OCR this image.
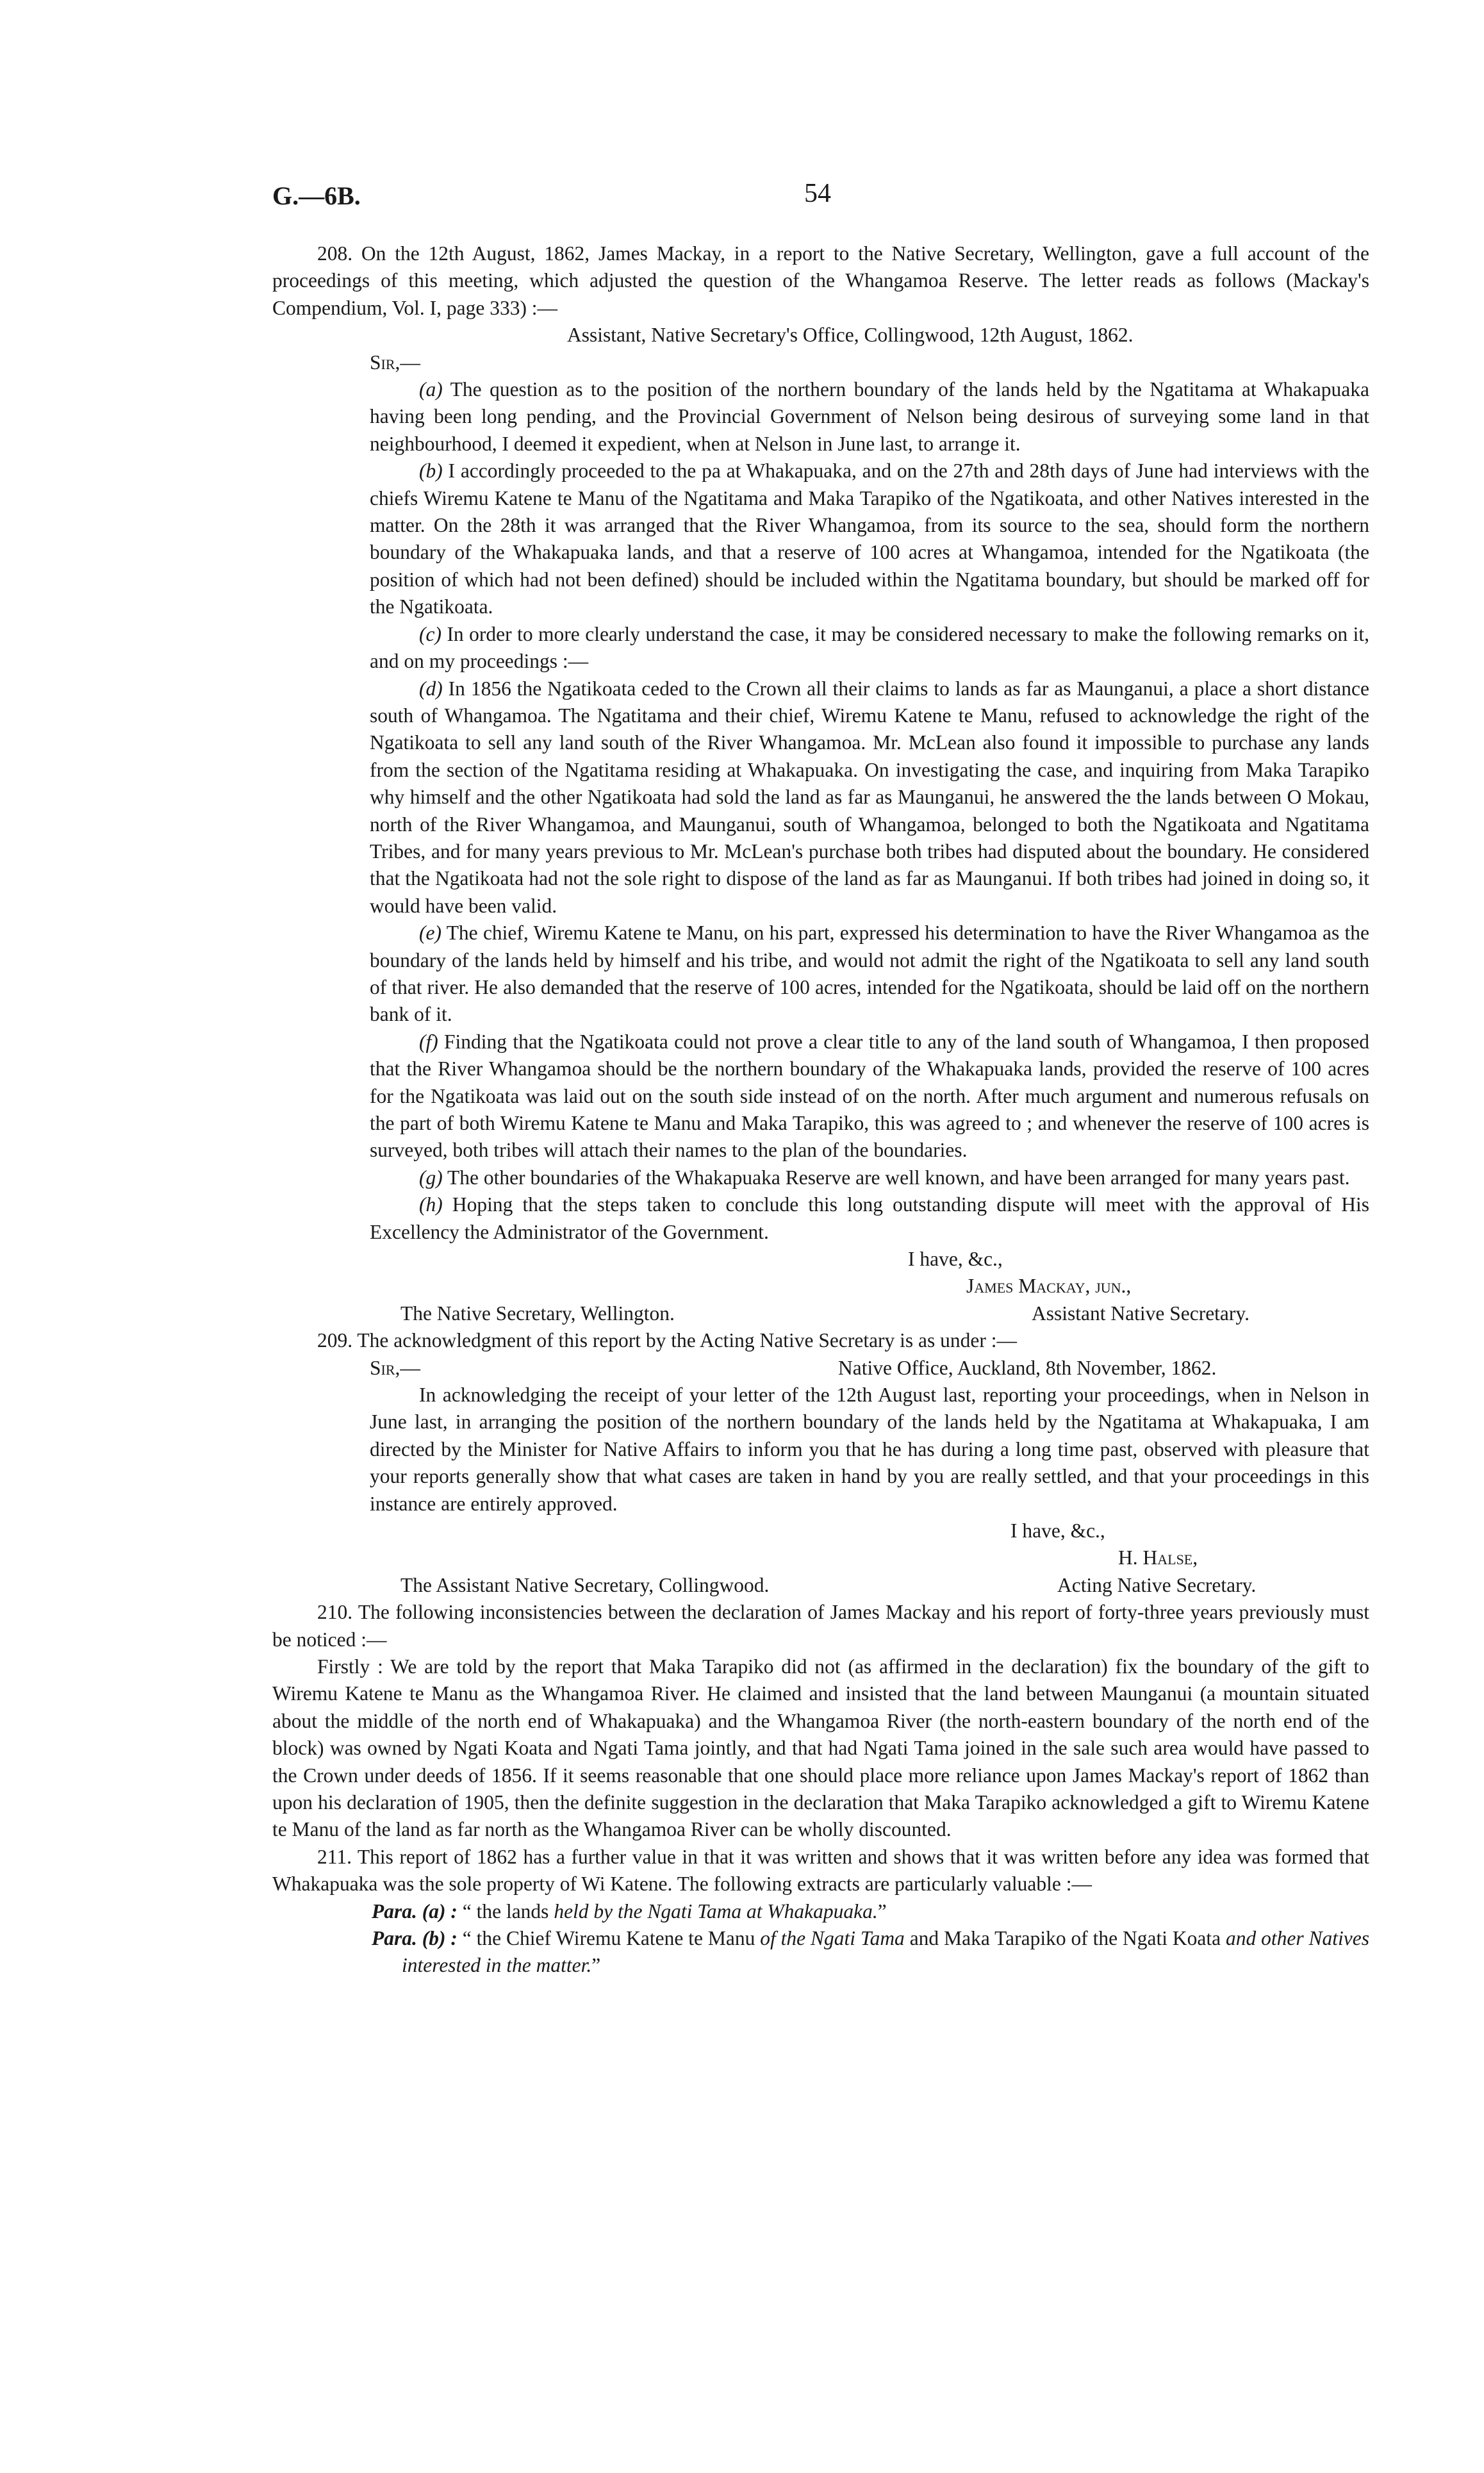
G.—6B.	54

208. On the 12th August, 1862, James Mackay, in a report to the Native Secretary, Wellington, gave a full account of the proceedings of this meeting, which adjusted the question of the Whangamoa Reserve. The letter reads as follows (Mackay's Compendium, Vol. I, page 333) :—

Assistant, Native Secretary's Office, Collingwood, 12th August, 1862.

Sir,—

(a) The question as to the position of the northern boundary of the lands held by the Ngatitama at Whakapuaka having been long pending, and the Provincial Government of Nelson being desirous of surveying some land in that neighbourhood, I deemed it expedient, when at Nelson in June last, to arrange it.

(b) I accordingly proceeded to the pa at Whakapuaka, and on the 27th and 28th days of June had interviews with the chiefs Wiremu Katene te Manu of the Ngatitama and Maka Tarapiko of the Ngatikoata, and other Natives interested in the matter. On the 28th it was arranged that the River Whangamoa, from its source to the sea, should form the northern boundary of the Whakapuaka lands, and that a reserve of 100 acres at Whangamoa, intended for the Ngatikoata (the position of which had not been defined) should be included within the Ngatitama boundary, but should be marked off for the Ngatikoata.

(c) In order to more clearly understand the case, it may be considered necessary to make the following remarks on it, and on my proceedings :—

(d) In 1856 the Ngatikoata ceded to the Crown all their claims to lands as far as Maunganui, a place a short distance south of Whangamoa. The Ngatitama and their chief, Wiremu Katene te Manu, refused to acknowledge the right of the Ngatikoata to sell any land south of the River Whangamoa. Mr. McLean also found it impossible to purchase any lands from the section of the Ngatitama residing at Whakapuaka. On investigating the case, and inquiring from Maka Tarapiko why himself and the other Ngatikoata had sold the land as far as Maunganui, he answered the the lands between O Mokau, north of the River Whangamoa, and Maunganui, south of Whangamoa, belonged to both the Ngatikoata and Ngatitama Tribes, and for many years previous to Mr. McLean's purchase both tribes had disputed about the boundary. He considered that the Ngatikoata had not the sole right to dispose of the land as far as Maunganui. If both tribes had joined in doing so, it would have been valid.

(e) The chief, Wiremu Katene te Manu, on his part, expressed his determination to have the River Whangamoa as the boundary of the lands held by himself and his tribe, and would not admit the right of the Ngatikoata to sell any land south of that river. He also demanded that the reserve of 100 acres, intended for the Ngatikoata, should be laid off on the northern bank of it.

(f) Finding that the Ngatikoata could not prove a clear title to any of the land south of Whangamoa, I then proposed that the River Whangamoa should be the northern boundary of the Whakapuaka lands, provided the reserve of 100 acres for the Ngatikoata was laid out on the south side instead of on the north. After much argument and numerous refusals on the part of both Wiremu Katene te Manu and Maka Tarapiko, this was agreed to ; and whenever the reserve of 100 acres is surveyed, both tribes will attach their names to the plan of the boundaries.

(g) The other boundaries of the Whakapuaka Reserve are well known, and have been arranged for many years past.

(h) Hoping that the steps taken to conclude this long outstanding dispute will meet with the approval of His Excellency the Administrator of the Government.

I have, &c.,
James Mackay, jun.,
The Native Secretary, Wellington.	Assistant Native Secretary.

209. The acknowledgment of this report by the Acting Native Secretary is as under :—

Sir,—	Native Office, Auckland, 8th November, 1862.

In acknowledging the receipt of your letter of the 12th August last, reporting your proceedings, when in Nelson in June last, in arranging the position of the northern boundary of the lands held by the Ngatitama at Whakapuaka, I am directed by the Minister for Native Affairs to inform you that he has during a long time past, observed with pleasure that your reports generally show that what cases are taken in hand by you are really settled, and that your proceedings in this instance are entirely approved.

I have, &c.,
H. Halse,
The Assistant Native Secretary, Collingwood.	Acting Native Secretary.

210. The following inconsistencies between the declaration of James Mackay and his report of forty-three years previously must be noticed :—

Firstly : We are told by the report that Maka Tarapiko did not (as affirmed in the declaration) fix the boundary of the gift to Wiremu Katene te Manu as the Whangamoa River. He claimed and insisted that the land between Maunganui (a mountain situated about the middle of the north end of Whakapuaka) and the Whangamoa River (the north-eastern boundary of the north end of the block) was owned by Ngati Koata and Ngati Tama jointly, and that had Ngati Tama joined in the sale such area would have passed to the Crown under deeds of 1856. If it seems reasonable that one should place more reliance upon James Mackay's report of 1862 than upon his declaration of 1905, then the definite suggestion in the declaration that Maka Tarapiko acknowledged a gift to Wiremu Katene te Manu of the land as far north as the Whangamoa River can be wholly discounted.

211. This report of 1862 has a further value in that it was written and shows that it was written before any idea was formed that Whakapuaka was the sole property of Wi Katene. The following extracts are particularly valuable :—

Para. (a) : “ the lands held by the Ngati Tama at Whakapuaka.”

Para. (b) : “ the Chief Wiremu Katene te Manu of the Ngati Tama and Maka Tarapiko of the Ngati Koata and other Natives interested in the matter.”
